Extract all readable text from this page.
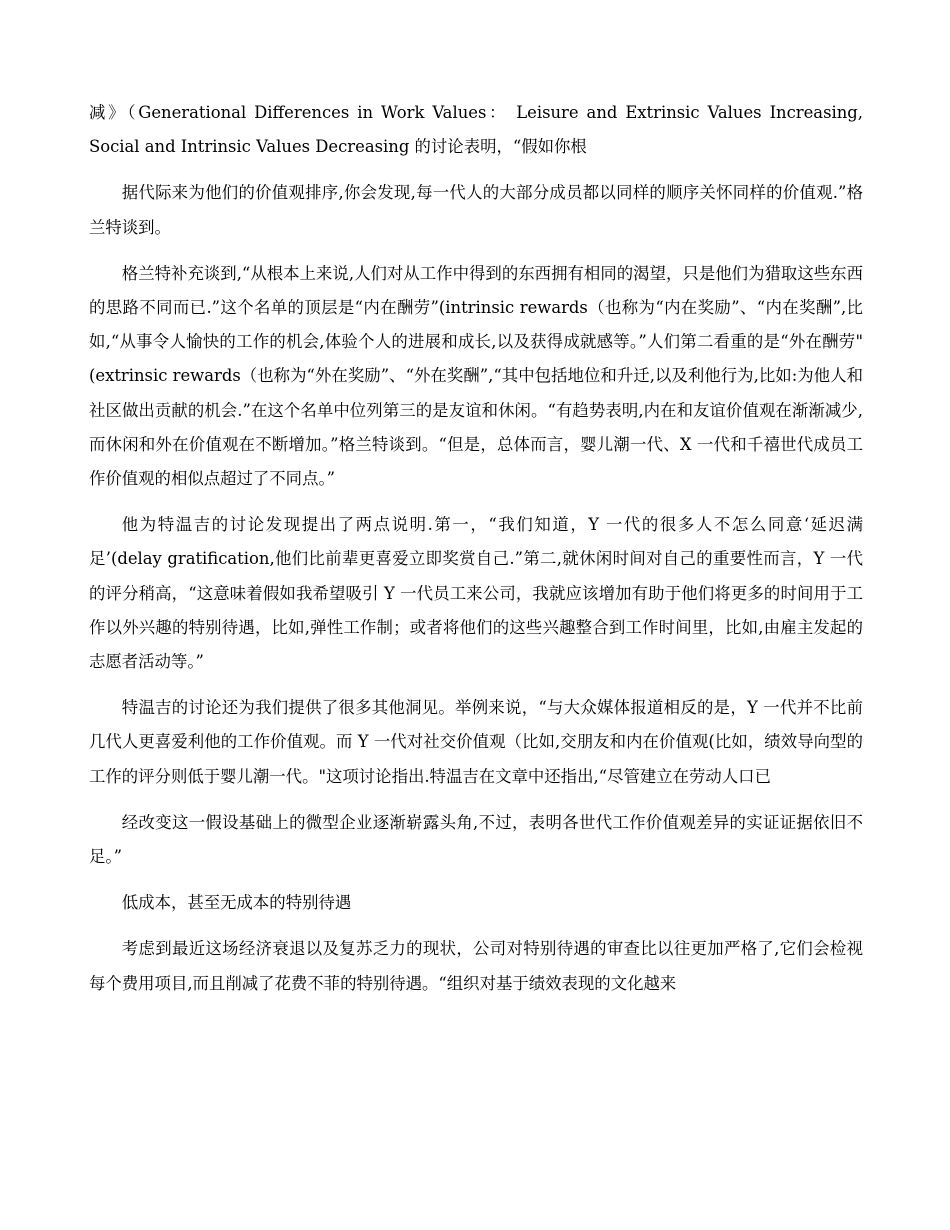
减》（Generational Differences in Work Values： Leisure and Extrinsic Values Increasing, Social and Intrinsic Values Decreasing 的讨论表明，“假如你根

据代际来为他们的价值观排序,你会发现,每一代人的大部分成员都以同样的顺序关怀同样的价值观.”格兰特谈到。

格兰特补充谈到,“从根本上来说,人们对从工作中得到的东西拥有相同的渴望，只是他们为猎取这些东西的思路不同而已.”这个名单的顶层是“内在酬劳”(intrinsic rewards（也称为“内在奖励”、“内在奖酬”,比如,“从事令人愉快的工作的机会,体验个人的进展和成长,以及获得成就感等。”人们第二看重的是“外在酬劳"(extrinsic rewards（也称为“外在奖励”、“外在奖酬”,“其中包括地位和升迁,以及利他行为,比如:为他人和社区做出贡献的机会.”在这个名单中位列第三的是友谊和休闲。“有趋势表明,内在和友谊价值观在渐渐减少,而休闲和外在价值观在不断增加。”格兰特谈到。“但是，总体而言，婴儿潮一代、X 一代和千禧世代成员工作价值观的相似点超过了不同点。”

他为特温吉的讨论发现提出了两点说明.第一，“我们知道，Y 一代的很多人不怎么同意‘延迟满足’(delay gratification,他们比前辈更喜爱立即奖赏自己.”第二,就休闲时间对自己的重要性而言，Y 一代的评分稍高，“这意味着假如我希望吸引 Y 一代员工来公司，我就应该增加有助于他们将更多的时间用于工作以外兴趣的特别待遇，比如,弹性工作制；或者将他们的这些兴趣整合到工作时间里，比如,由雇主发起的志愿者活动等。”

特温吉的讨论还为我们提供了很多其他洞见。举例来说，“与大众媒体报道相反的是，Y 一代并不比前几代人更喜爱利他的工作价值观。而 Y 一代对社交价值观（比如,交朋友和内在价值观(比如，绩效导向型的工作的评分则低于婴儿潮一代。"这项讨论指出.特温吉在文章中还指出,“尽管建立在劳动人口已

经改变这一假设基础上的微型企业逐渐崭露头角,不过，表明各世代工作价值观差异的实证证据依旧不足。”

低成本，甚至无成本的特别待遇

考虑到最近这场经济衰退以及复苏乏力的现状，公司对特别待遇的审查比以往更加严格了,它们会检视每个费用项目,而且削减了花费不菲的特别待遇。“组织对基于绩效表现的文化越来
